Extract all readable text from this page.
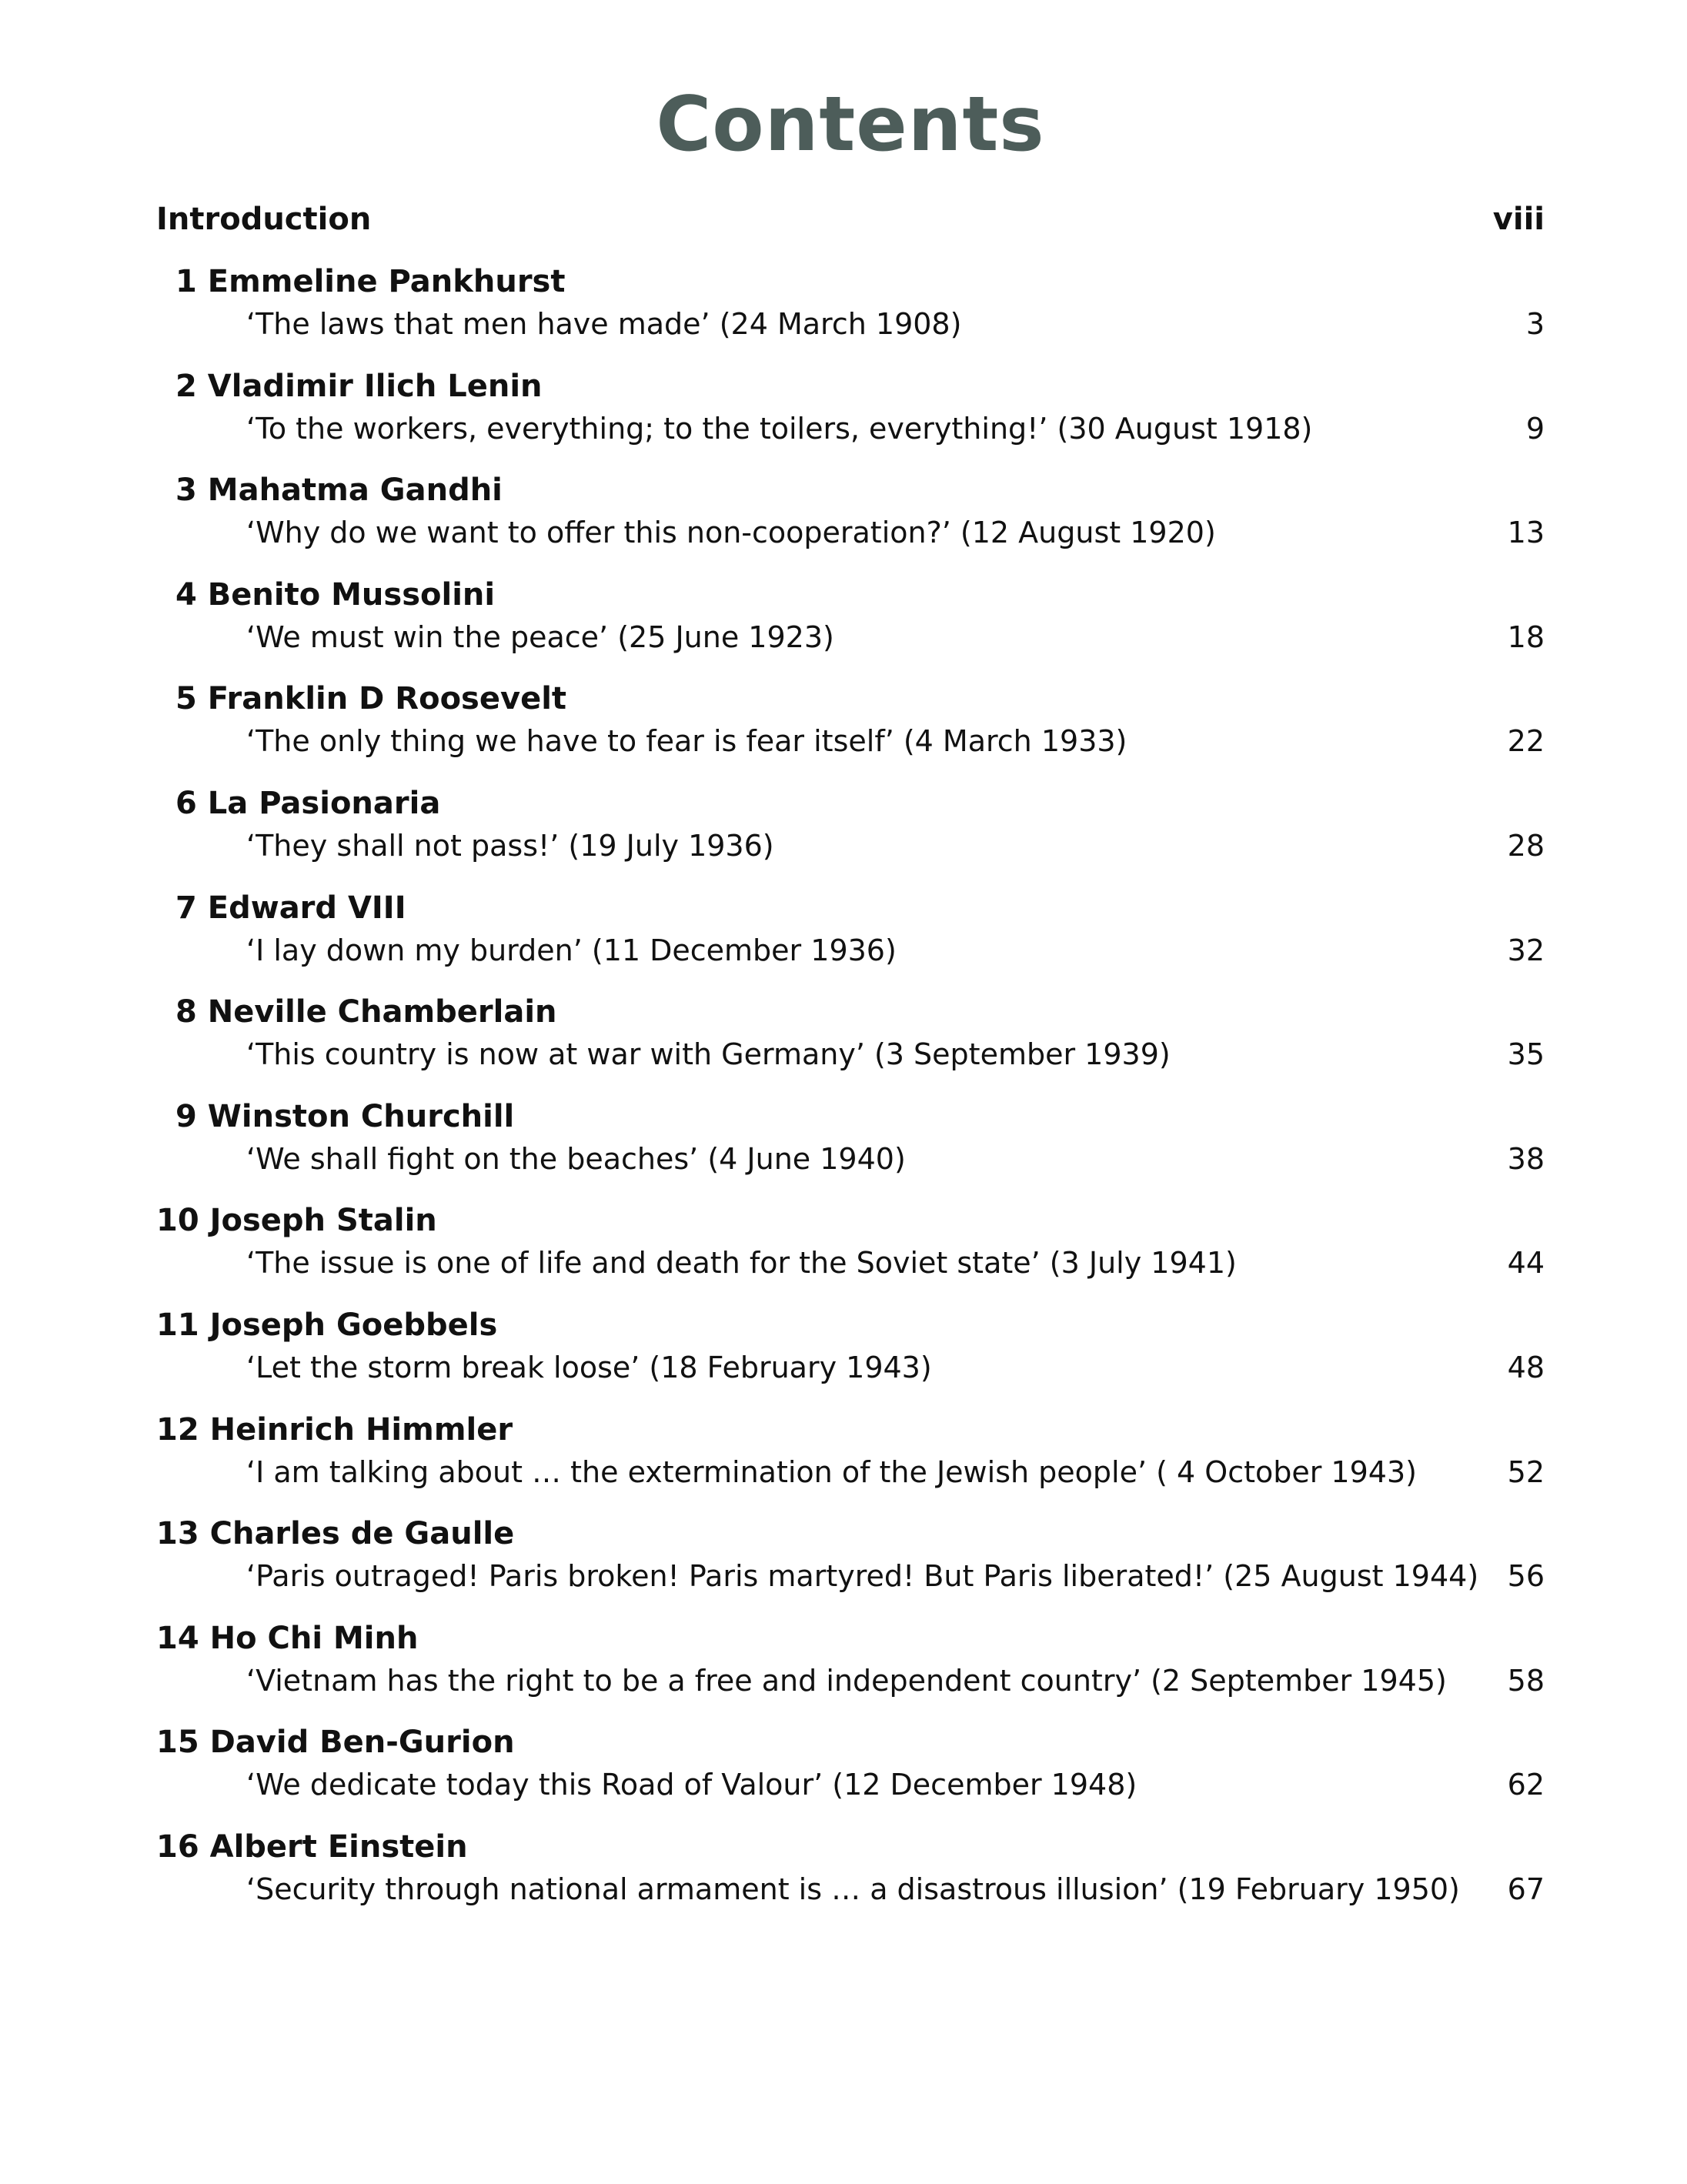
Contents
Introduction	viii
1 Emmeline Pankhurst
‘The laws that men have made’ (24 March 1908)	3
2 Vladimir Ilich Lenin
‘To the workers, everything; to the toilers, everything!’ (30 August 1918)	9
3 Mahatma Gandhi
‘Why do we want to offer this non-cooperation?’ (12 August 1920)	13
4 Benito Mussolini
‘We must win the peace’ (25 June 1923)	18
5 Franklin D Roosevelt
‘The only thing we have to fear is fear itself’ (4 March 1933)	22
6 La Pasionaria
‘They shall not pass!’ (19 July 1936)	28
7 Edward VIII
‘I lay down my burden’ (11 December 1936)	32
8 Neville Chamberlain
‘This country is now at war with Germany’ (3 September 1939)	35
9 Winston Churchill
‘We shall fight on the beaches’ (4 June 1940)	38
10 Joseph Stalin
‘The issue is one of life and death for the Soviet state’ (3 July 1941)	44
11 Joseph Goebbels
‘Let the storm break loose’ (18 February 1943)	48
12 Heinrich Himmler
‘I am talking about … the extermination of the Jewish people’ ( 4 October 1943)	52
13 Charles de Gaulle
‘Paris outraged! Paris broken! Paris martyred! But Paris liberated!’ (25 August 1944) 56
14 Ho Chi Minh
‘Vietnam has the right to be a free and independent country’ (2 September 1945) 58
15 David Ben-Gurion
‘We dedicate today this Road of Valour’ (12 December 1948)	62
16 Albert Einstein
‘Security through national armament is … a disastrous illusion’ (19 February 1950) 67
